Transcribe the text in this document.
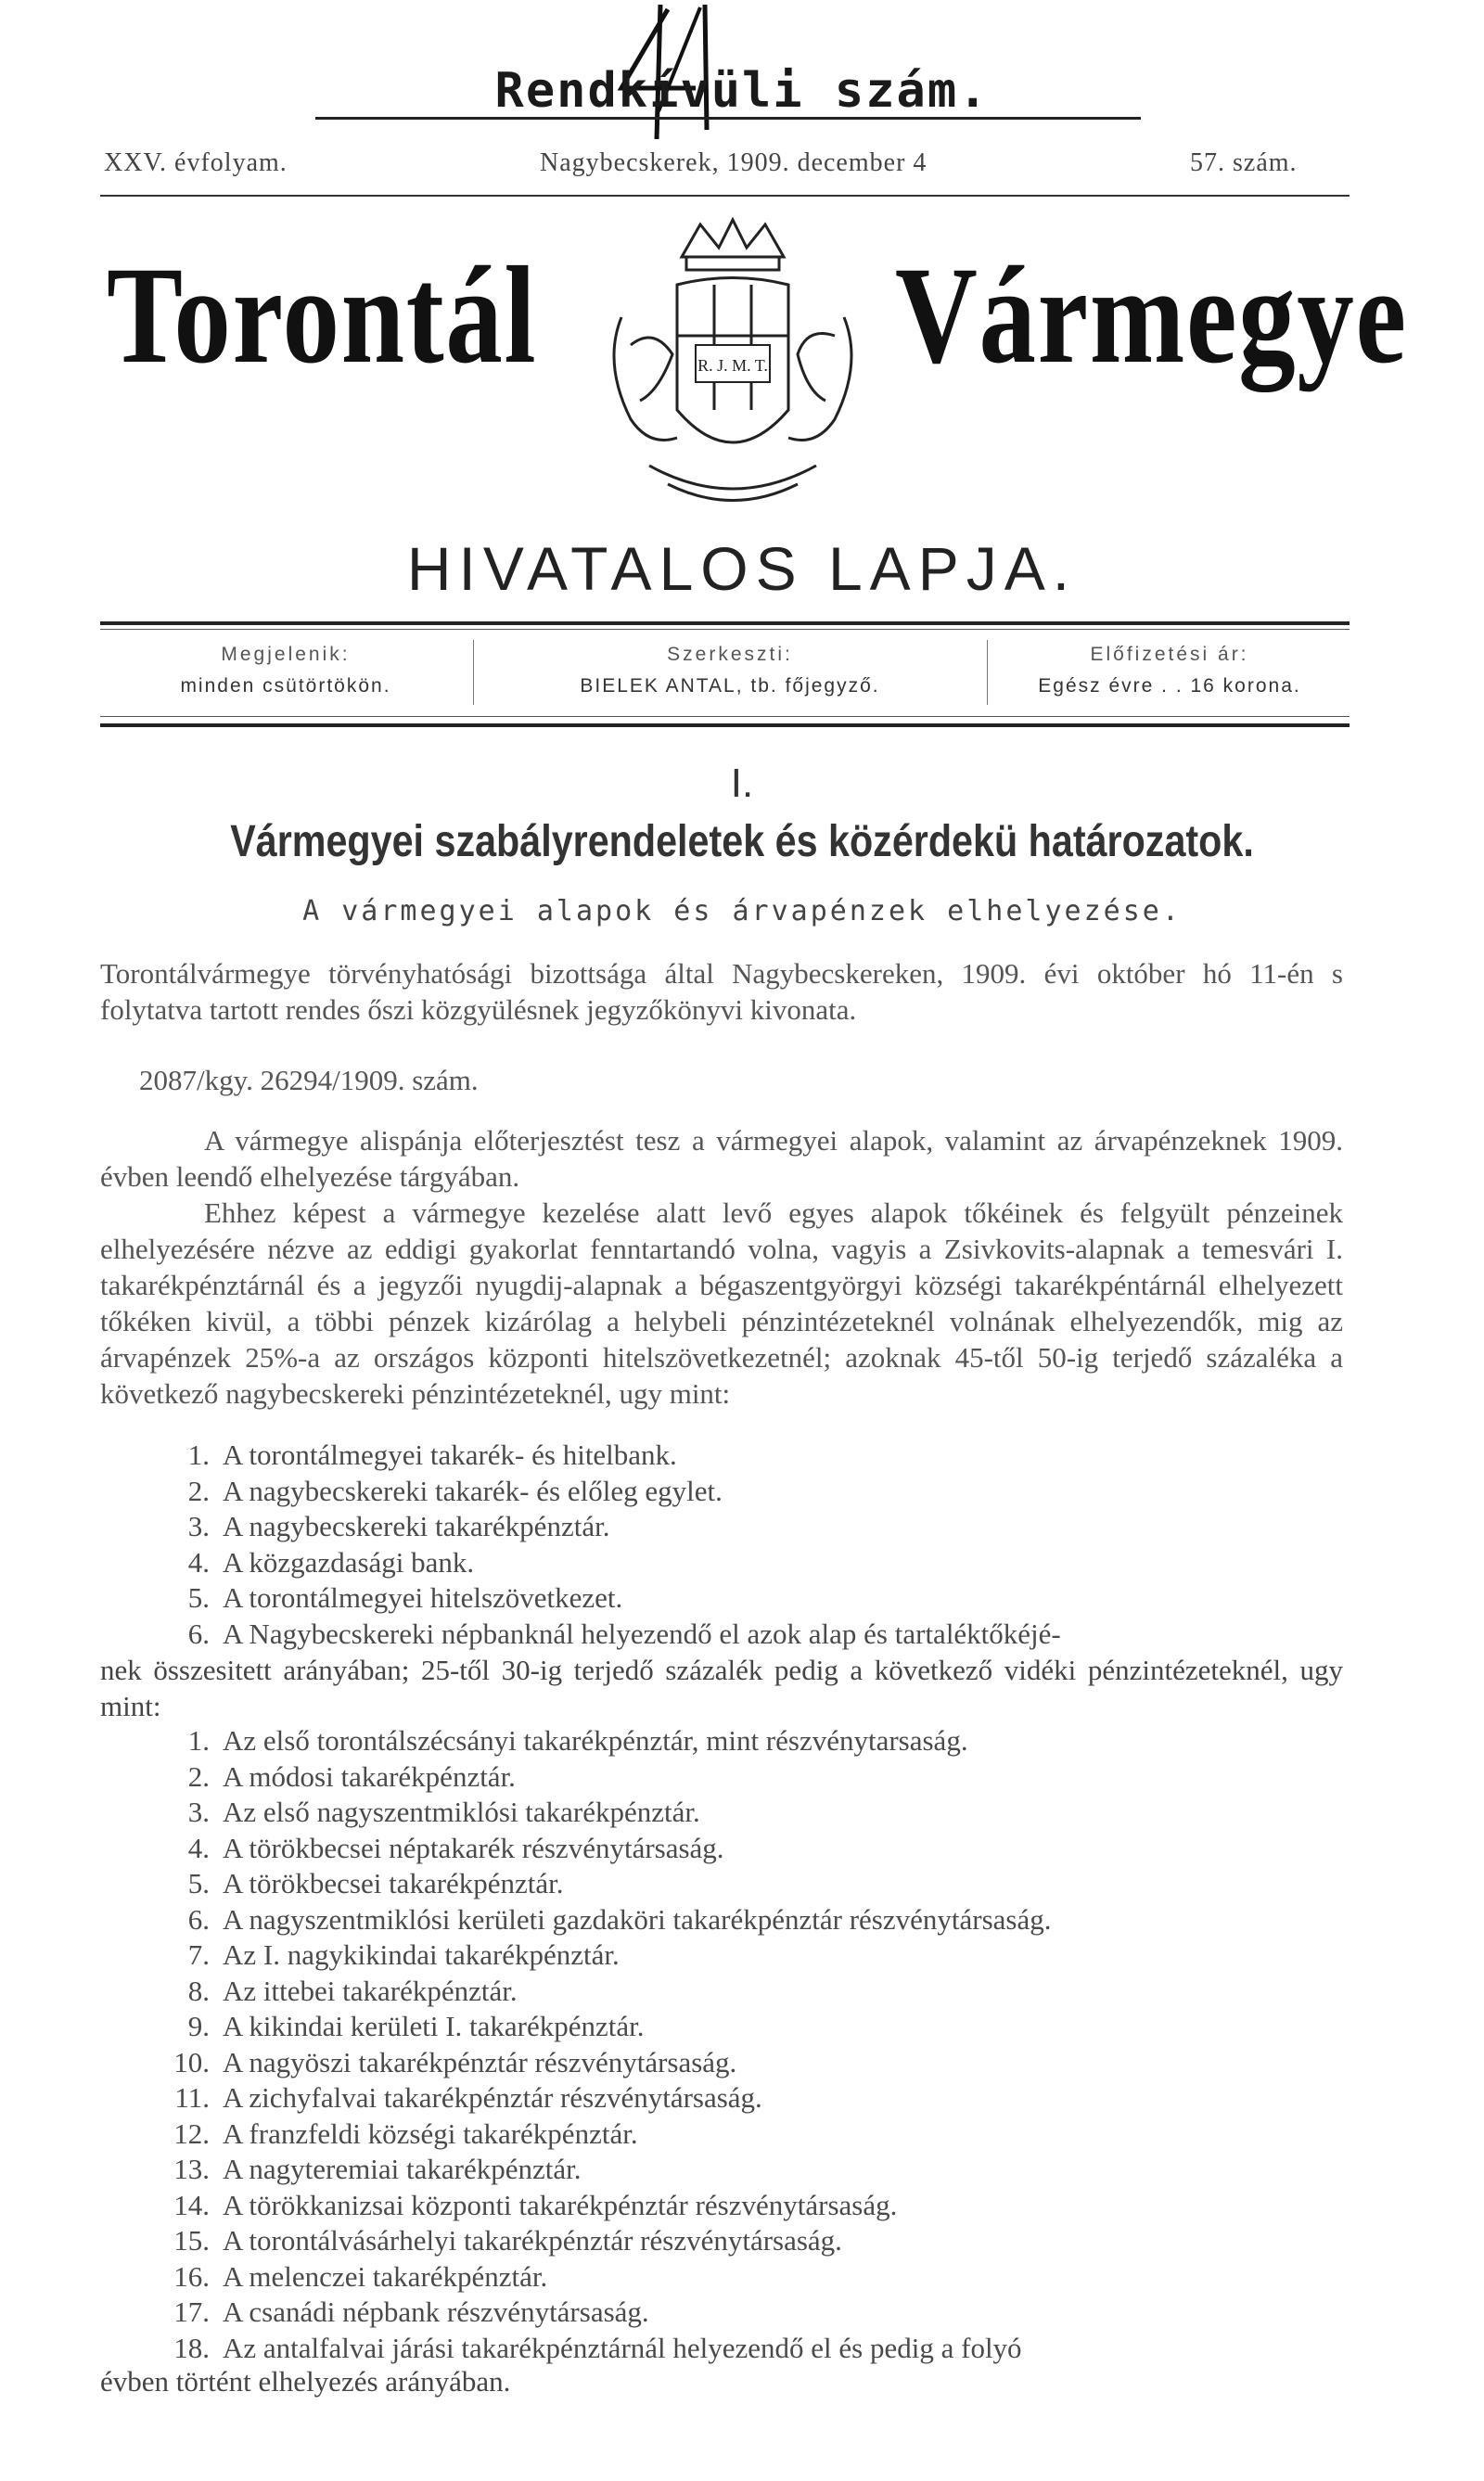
Rendkívüli szám.
XXV. évfolyam.	Nagybecskerek, 1909. december 4	57. szám.
Torontál	Vármegye
R. J. M. T.
HIVATALOS LAPJA.
Megjelenik:
minden csütörtökön.
Szerkeszti:
BIELEK ANTAL, tb. főjegyző.
Előfizetési ár:
Egész évre . . 16 korona.
I.
Vármegyei szabályrendeletek és közérdekü határozatok.
A vármegyei alapok és árvapénzek elhelyezése.
Torontálvármegye törvényhatósági bizottsága által Nagybecskereken, 1909. évi október hó 11-én s folytatva tartott rendes őszi közgyülésnek jegyzőkönyvi kivonata.
2087/kgy. 26294/1909. szám.
A vármegye alispánja előterjesztést tesz a vármegyei alapok, valamint az árvapénzeknek 1909. évben leendő elhelyezése tárgyában.
Ehhez képest a vármegye kezelése alatt levő egyes alapok tőkéinek és felgyült pénzeinek elhelyezésére nézve az eddigi gyakorlat fenntartandó volna, vagyis a Zsivkovits-alapnak a temesvári I. takarékpénztárnál és a jegyzői nyugdij-alapnak a bégaszentgyörgyi községi takarékpéntárnál elhelyezett tőkéken kivül, a többi pénzek kizárólag a helybeli pénzintézeteknél volnának elhelyezendők, mig az árvapénzek 25%-a az országos központi hitelszövetkezetnél; azoknak 45-től 50-ig terjedő százaléka a következő nagybecskereki pénzintézeteknél, ugy mint:
1. A torontálmegyei takarék- és hitelbank.
2. A nagybecskereki takarék- és előleg egylet.
3. A nagybecskereki takarékpénztár.
4. A közgazdasági bank.
5. A torontálmegyei hitelszövetkezet.
6. A Nagybecskereki népbanknál helyezendő el azok alap és tartaléktőkéjé-
nek összesitett arányában; 25-től 30-ig terjedő százalék pedig a következő vidéki pénzintézeteknél, ugy mint:
1. Az első torontálszécsányi takarékpénztár, mint részvénytarsaság.
2. A módosi takarékpénztár.
3. Az első nagyszentmiklósi takarékpénztár.
4. A törökbecsei néptakarék részvénytársaság.
5. A törökbecsei takarékpénztár.
6. A nagyszentmiklósi kerületi gazdaköri takarékpénztár részvénytársaság.
7. Az I. nagykikindai takarékpénztár.
8. Az ittebei takarékpénztár.
9. A kikindai kerületi I. takarékpénztár.
10. A nagyöszi takarékpénztár részvénytársaság.
11. A zichyfalvai takarékpénztár részvénytársaság.
12. A franzfeldi községi takarékpénztár.
13. A nagyteremiai takarékpénztár.
14. A törökkanizsai központi takarékpénztár részvénytársaság.
15. A torontálvásárhelyi takarékpénztár részvénytársaság.
16. A melenczei takarékpénztár.
17. A csanádi népbank részvénytársaság.
18. Az antalfalvai járási takarékpénztárnál helyezendő el és pedig a folyó
évben történt elhelyezés arányában.
